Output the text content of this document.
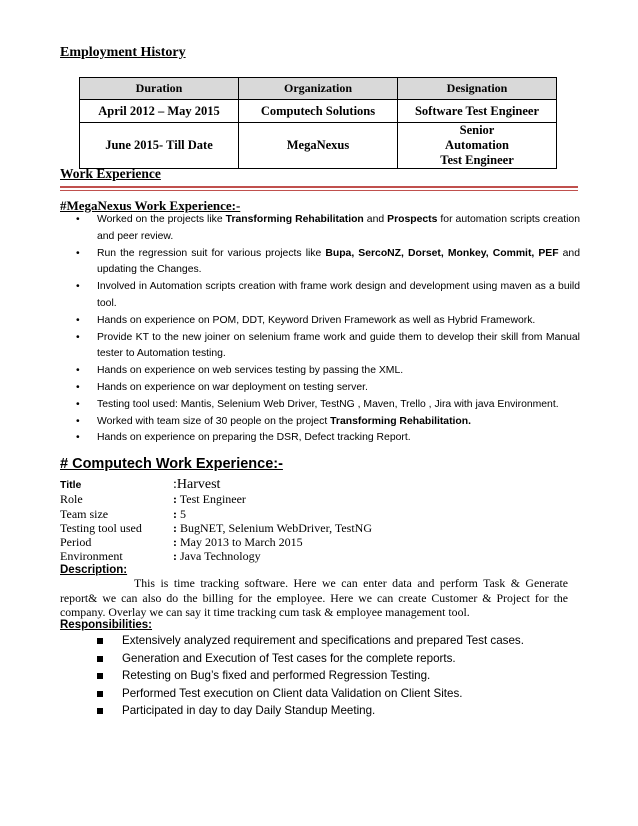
Employment History
Duration	Organization	Designation
April 2012 – May 2015	Computech Solutions	Software Test Engineer
June 2015- Till Date	MegaNexus	Senior Automation Test Engineer
Work Experience
#MegaNexus Work Experience:-
• Worked on the projects like Transforming Rehabilitation and Prospects for automation scripts creation and peer review.
• Run the regression suit for various projects like Bupa, SercoNZ, Dorset, Monkey, Commit, PEF and updating the Changes.
• Involved in Automation scripts creation with frame work design and development using maven as a build tool.
• Hands on experience on POM, DDT, Keyword Driven Framework as well as Hybrid Framework.
• Provide KT to the new joiner on selenium frame work and guide them to develop their skill from Manual tester to Automation testing.
• Hands on experience on web services testing by passing the XML.
• Hands on experience on war deployment on testing server.
• Testing tool used: Mantis, Selenium Web Driver, TestNG , Maven, Trello , Jira with java Environment.
• Worked with team size of 30 people on the project Transforming Rehabilitation.
• Hands on experience on preparing the DSR, Defect tracking Report.
# Computech Work Experience:-
Title	:Harvest
Role	: Test Engineer
Team size	: 5
Testing tool used	: BugNET, Selenium WebDriver, TestNG
Period	: May 2013 to March 2015
Environment	: Java Technology
Description:
This is time tracking software. Here we can enter data and perform Task & Generate report& we can also do the billing for the employee. Here we can create Customer & Project for the company. Overlay we can say it time tracking cum task & employee management tool.
Responsibilities:
Extensively analyzed requirement and specifications and prepared Test cases.
Generation and Execution of Test cases for the complete reports.
Retesting on Bug’s fixed and performed Regression Testing.
Performed Test execution on Client data Validation on Client Sites.
Participated in day to day Daily Standup Meeting.
